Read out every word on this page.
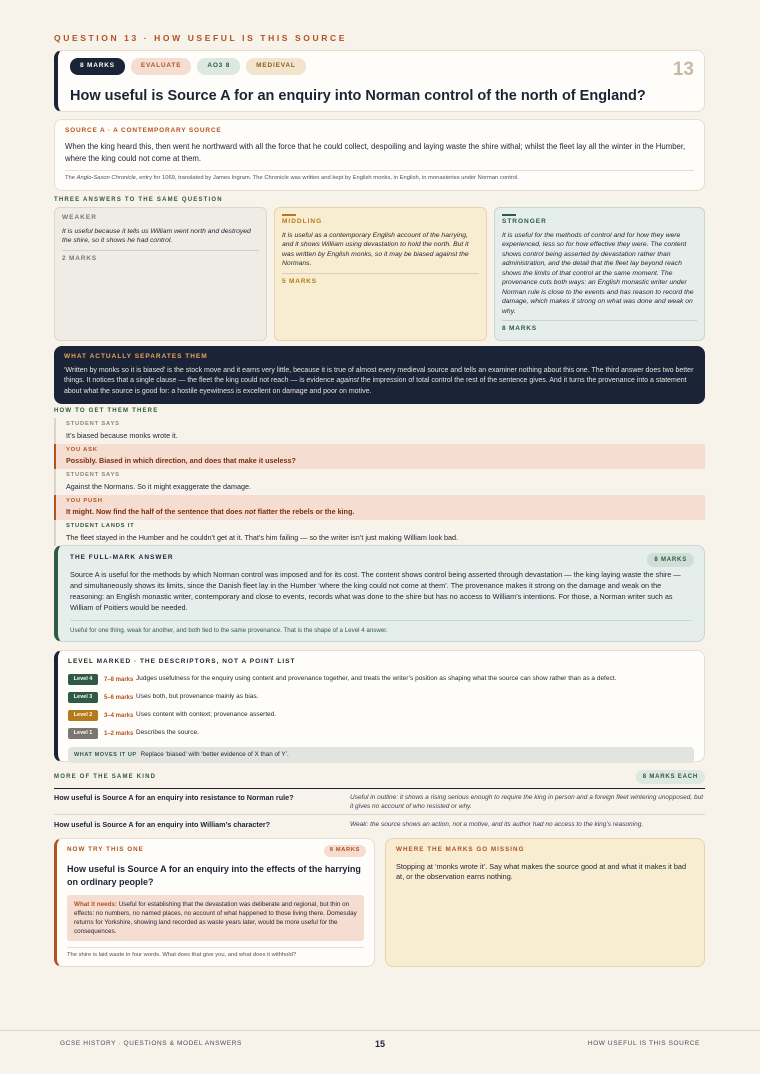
QUESTION 13 · HOW USEFUL IS THIS SOURCE
8 MARKS	EVALUATE	AO3 8	MEDIEVAL	13
How useful is Source A for an enquiry into Norman control of the north of England?
SOURCE A · A CONTEMPORARY SOURCE
When the king heard this, then went he northward with all the force that he could collect, despoiling and laying waste the shire withal; whilst the fleet lay all the winter in the Humber, where the king could not come at them.
The Anglo-Saxon Chronicle, entry for 1069, translated by James Ingram. The Chronicle was written and kept by English monks, in English, in monasteries under Norman control.
THREE ANSWERS TO THE SAME QUESTION
WEAKER
It is useful because it tells us William went north and destroyed the shire, so it shows he had control.
2 MARKS
MIDDLING
It is useful as a contemporary English account of the harrying, and it shows William using devastation to hold the north. But it was written by English monks, so it may be biased against the Normans.
5 MARKS
STRONGER
It is useful for the methods of control and for how they were experienced, less so for how effective they were. The content shows control being asserted by devastation rather than administration, and the detail that the fleet lay beyond reach shows the limits of that control at the same moment. The provenance cuts both ways: an English monastic writer under Norman rule is close to the events and has reason to record the damage, which makes it strong on what was done and weak on why.
8 MARKS
WHAT ACTUALLY SEPARATES THEM
‘Written by monks so it is biased’ is the stock move and it earns very little, because it is true of almost every medieval source and tells an examiner nothing about this one. The third answer does two better things. It notices that a single clause — the fleet the king could not reach — is evidence against the impression of total control the rest of the sentence gives. And it turns the provenance into a statement about what the source is good for: a hostile eyewitness is excellent on damage and poor on motive.
HOW TO GET THEM THERE
STUDENT SAYS
It’s biased because monks wrote it.
YOU ASK
Possibly. Biased in which direction, and does that make it useless?
STUDENT SAYS
Against the Normans. So it might exaggerate the damage.
YOU PUSH
It might. Now find the half of the sentence that does not flatter the rebels or the king.
STUDENT LANDS IT
The fleet stayed in the Humber and he couldn’t get at it. That’s him failing — so the writer isn’t just making William look bad.
THE FULL-MARK ANSWER	8 MARKS
Source A is useful for the methods by which Norman control was imposed and for its cost. The content shows control being asserted through devastation — the king laying waste the shire — and simultaneously shows its limits, since the Danish fleet lay in the Humber ‘where the king could not come at them’. The provenance makes it strong on the damage and weak on the reasoning: an English monastic writer, contemporary and close to events, records what was done to the shire but has no access to William’s intentions. For those, a Norman writer such as William of Poitiers would be needed.
Useful for one thing, weak for another, and both tied to the same provenance. That is the shape of a Level 4 answer.
LEVEL MARKED · THE DESCRIPTORS, NOT A POINT LIST
Level 4	7–8 marks Judges usefulness for the enquiry using content and provenance together, and treats the writer’s position as shaping what the source can show rather than as a defect.
Level 3	5–6 marks Uses both, but provenance mainly as bias.
Level 2	3–4 marks Uses content with context; provenance asserted.
Level 1	1–2 marks Describes the source.
WHAT MOVES IT UP Replace ‘biased’ with ‘better evidence of X than of Y’.
MORE OF THE SAME KIND	8 MARKS EACH
How useful is Source A for an enquiry into resistance to Norman rule?	Useful in outline: it shows a rising serious enough to require the king in person and a foreign fleet wintering unopposed, but it gives no account of who resisted or why.
How useful is Source A for an enquiry into William’s character?	Weak: the source shows an action, not a motive, and its author had no access to the king’s reasoning.
NOW TRY THIS ONE	8 MARKS
How useful is Source A for an enquiry into the effects of the harrying on ordinary people?
What it needs: Useful for establishing that the devastation was deliberate and regional, but thin on effects: no numbers, no named places, no account of what happened to those living there. Domesday returns for Yorkshire, showing land recorded as waste years later, would be more useful for the consequences.
The shire is laid waste in four words. What does that give you, and what does it withhold?
WHERE THE MARKS GO MISSING
Stopping at ‘monks wrote it’. Say what makes the source good at and what it makes it bad at, or the observation earns nothing.
GCSE HISTORY · QUESTIONS & MODEL ANSWERS	15	HOW USEFUL IS THIS SOURCE
